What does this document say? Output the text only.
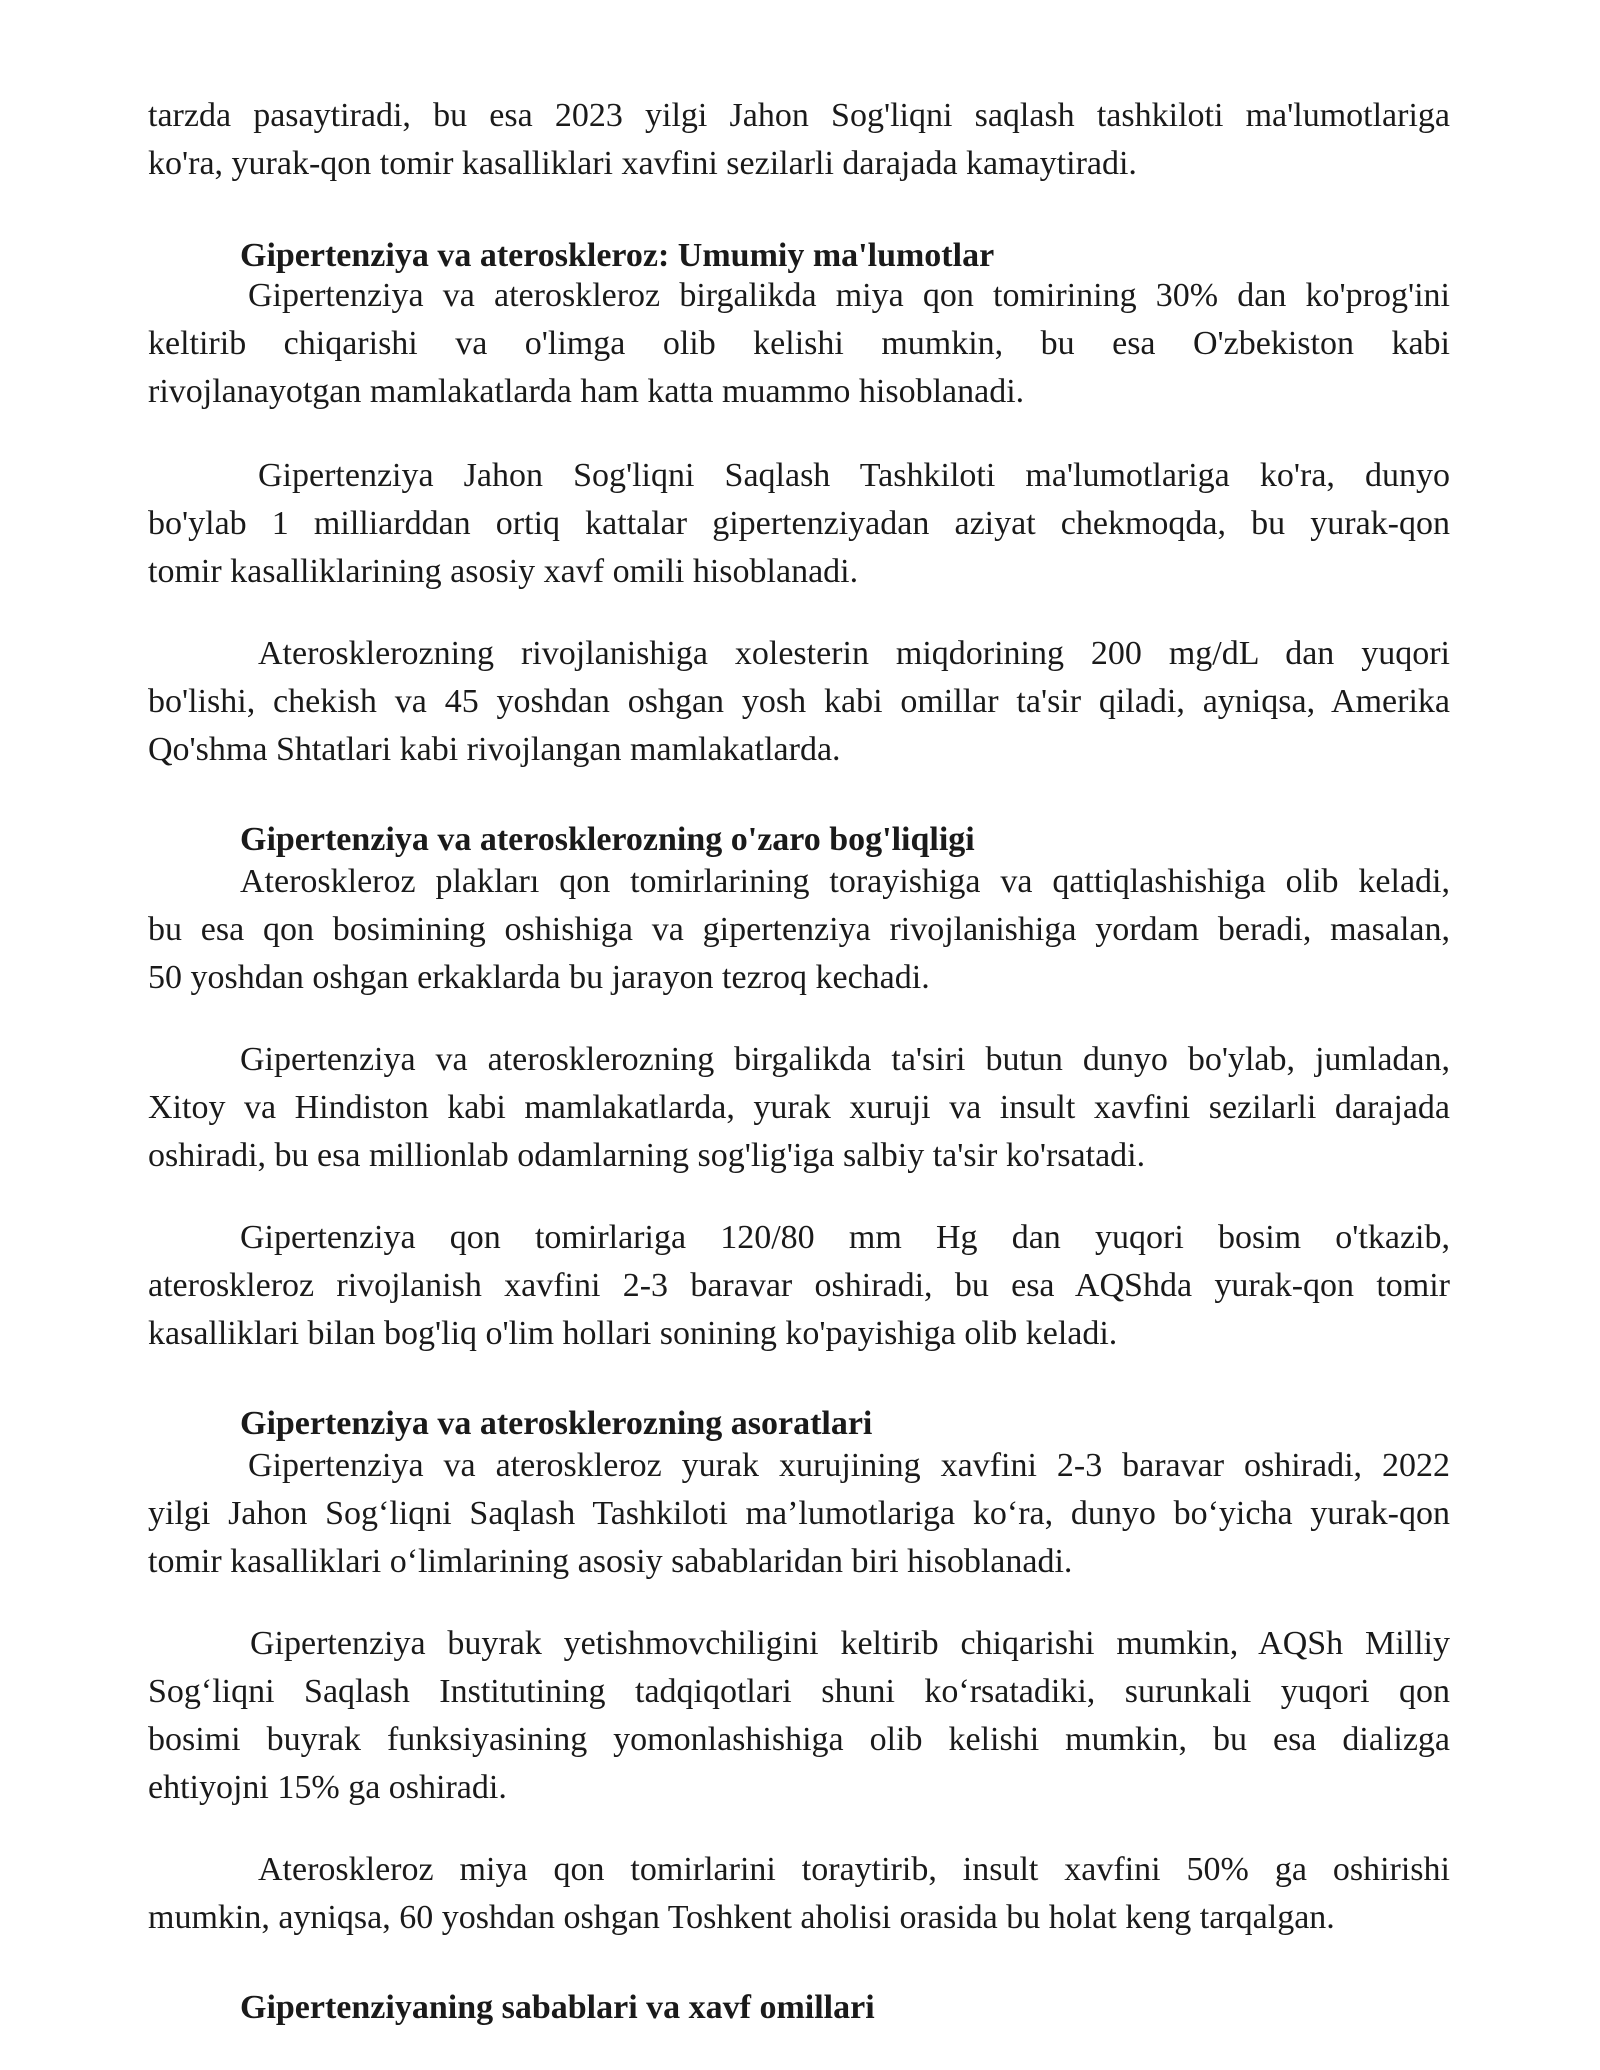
tarzda pasaytiradi, bu esa 2023 yilgi Jahon Sog'liqni saqlash tashkiloti ma'lumotlariga
ko'ra, yurak-qon tomir kasalliklari xavfini sezilarli darajada kamaytiradi.
Gipertenziya va ateroskleroz: Umumiy ma'lumotlar
Gipertenziya va ateroskleroz birgalikda miya qon tomirining 30% dan ko'prog'ini
keltirib chiqarishi va o'limga olib kelishi mumkin, bu esa O'zbekiston kabi
rivojlanayotgan mamlakatlarda ham katta muammo hisoblanadi.
Gipertenziya Jahon Sog'liqni Saqlash Tashkiloti ma'lumotlariga ko'ra, dunyo
bo'ylab 1 milliarddan ortiq kattalar gipertenziyadan aziyat chekmoqda, bu yurak-qon
tomir kasalliklarining asosiy xavf omili hisoblanadi.
Aterosklerozning rivojlanishiga xolesterin miqdorining 200 mg/dL dan yuqori
bo'lishi, chekish va 45 yoshdan oshgan yosh kabi omillar ta'sir qiladi, ayniqsa, Amerika
Qo'shma Shtatlari kabi rivojlangan mamlakatlarda.
Gipertenziya va aterosklerozning o'zaro bog'liqligi
Ateroskleroz plakları qon tomirlarining torayishiga va qattiqlashishiga olib keladi,
bu esa qon bosimining oshishiga va gipertenziya rivojlanishiga yordam beradi, masalan,
50 yoshdan oshgan erkaklarda bu jarayon tezroq kechadi.
Gipertenziya va aterosklerozning birgalikda ta'siri butun dunyo bo'ylab, jumladan,
Xitoy va Hindiston kabi mamlakatlarda, yurak xuruji va insult xavfini sezilarli darajada
oshiradi, bu esa millionlab odamlarning sog'lig'iga salbiy ta'sir ko'rsatadi.
Gipertenziya qon tomirlariga 120/80 mm Hg dan yuqori bosim o'tkazib,
ateroskleroz rivojlanish xavfini 2-3 baravar oshiradi, bu esa AQShda yurak-qon tomir
kasalliklari bilan bog'liq o'lim hollari sonining ko'payishiga olib keladi.
Gipertenziya va aterosklerozning asoratlari
Gipertenziya va ateroskleroz yurak xurujining xavfini 2-3 baravar oshiradi, 2022
yilgi Jahon Sog‘liqni Saqlash Tashkiloti ma’lumotlariga ko‘ra, dunyo bo‘yicha yurak-qon
tomir kasalliklari o‘limlarining asosiy sabablaridan biri hisoblanadi.
Gipertenziya buyrak yetishmovchiligini keltirib chiqarishi mumkin, AQSh Milliy
Sog‘liqni Saqlash Institutining tadqiqotlari shuni ko‘rsatadiki, surunkali yuqori qon
bosimi buyrak funksiyasining yomonlashishiga olib kelishi mumkin, bu esa dializga
ehtiyojni 15% ga oshiradi.
Ateroskleroz miya qon tomirlarini toraytirib, insult xavfini 50% ga oshirishi
mumkin, ayniqsa, 60 yoshdan oshgan Toshkent aholisi orasida bu holat keng tarqalgan.
Gipertenziyaning sabablari va xavf omillari
